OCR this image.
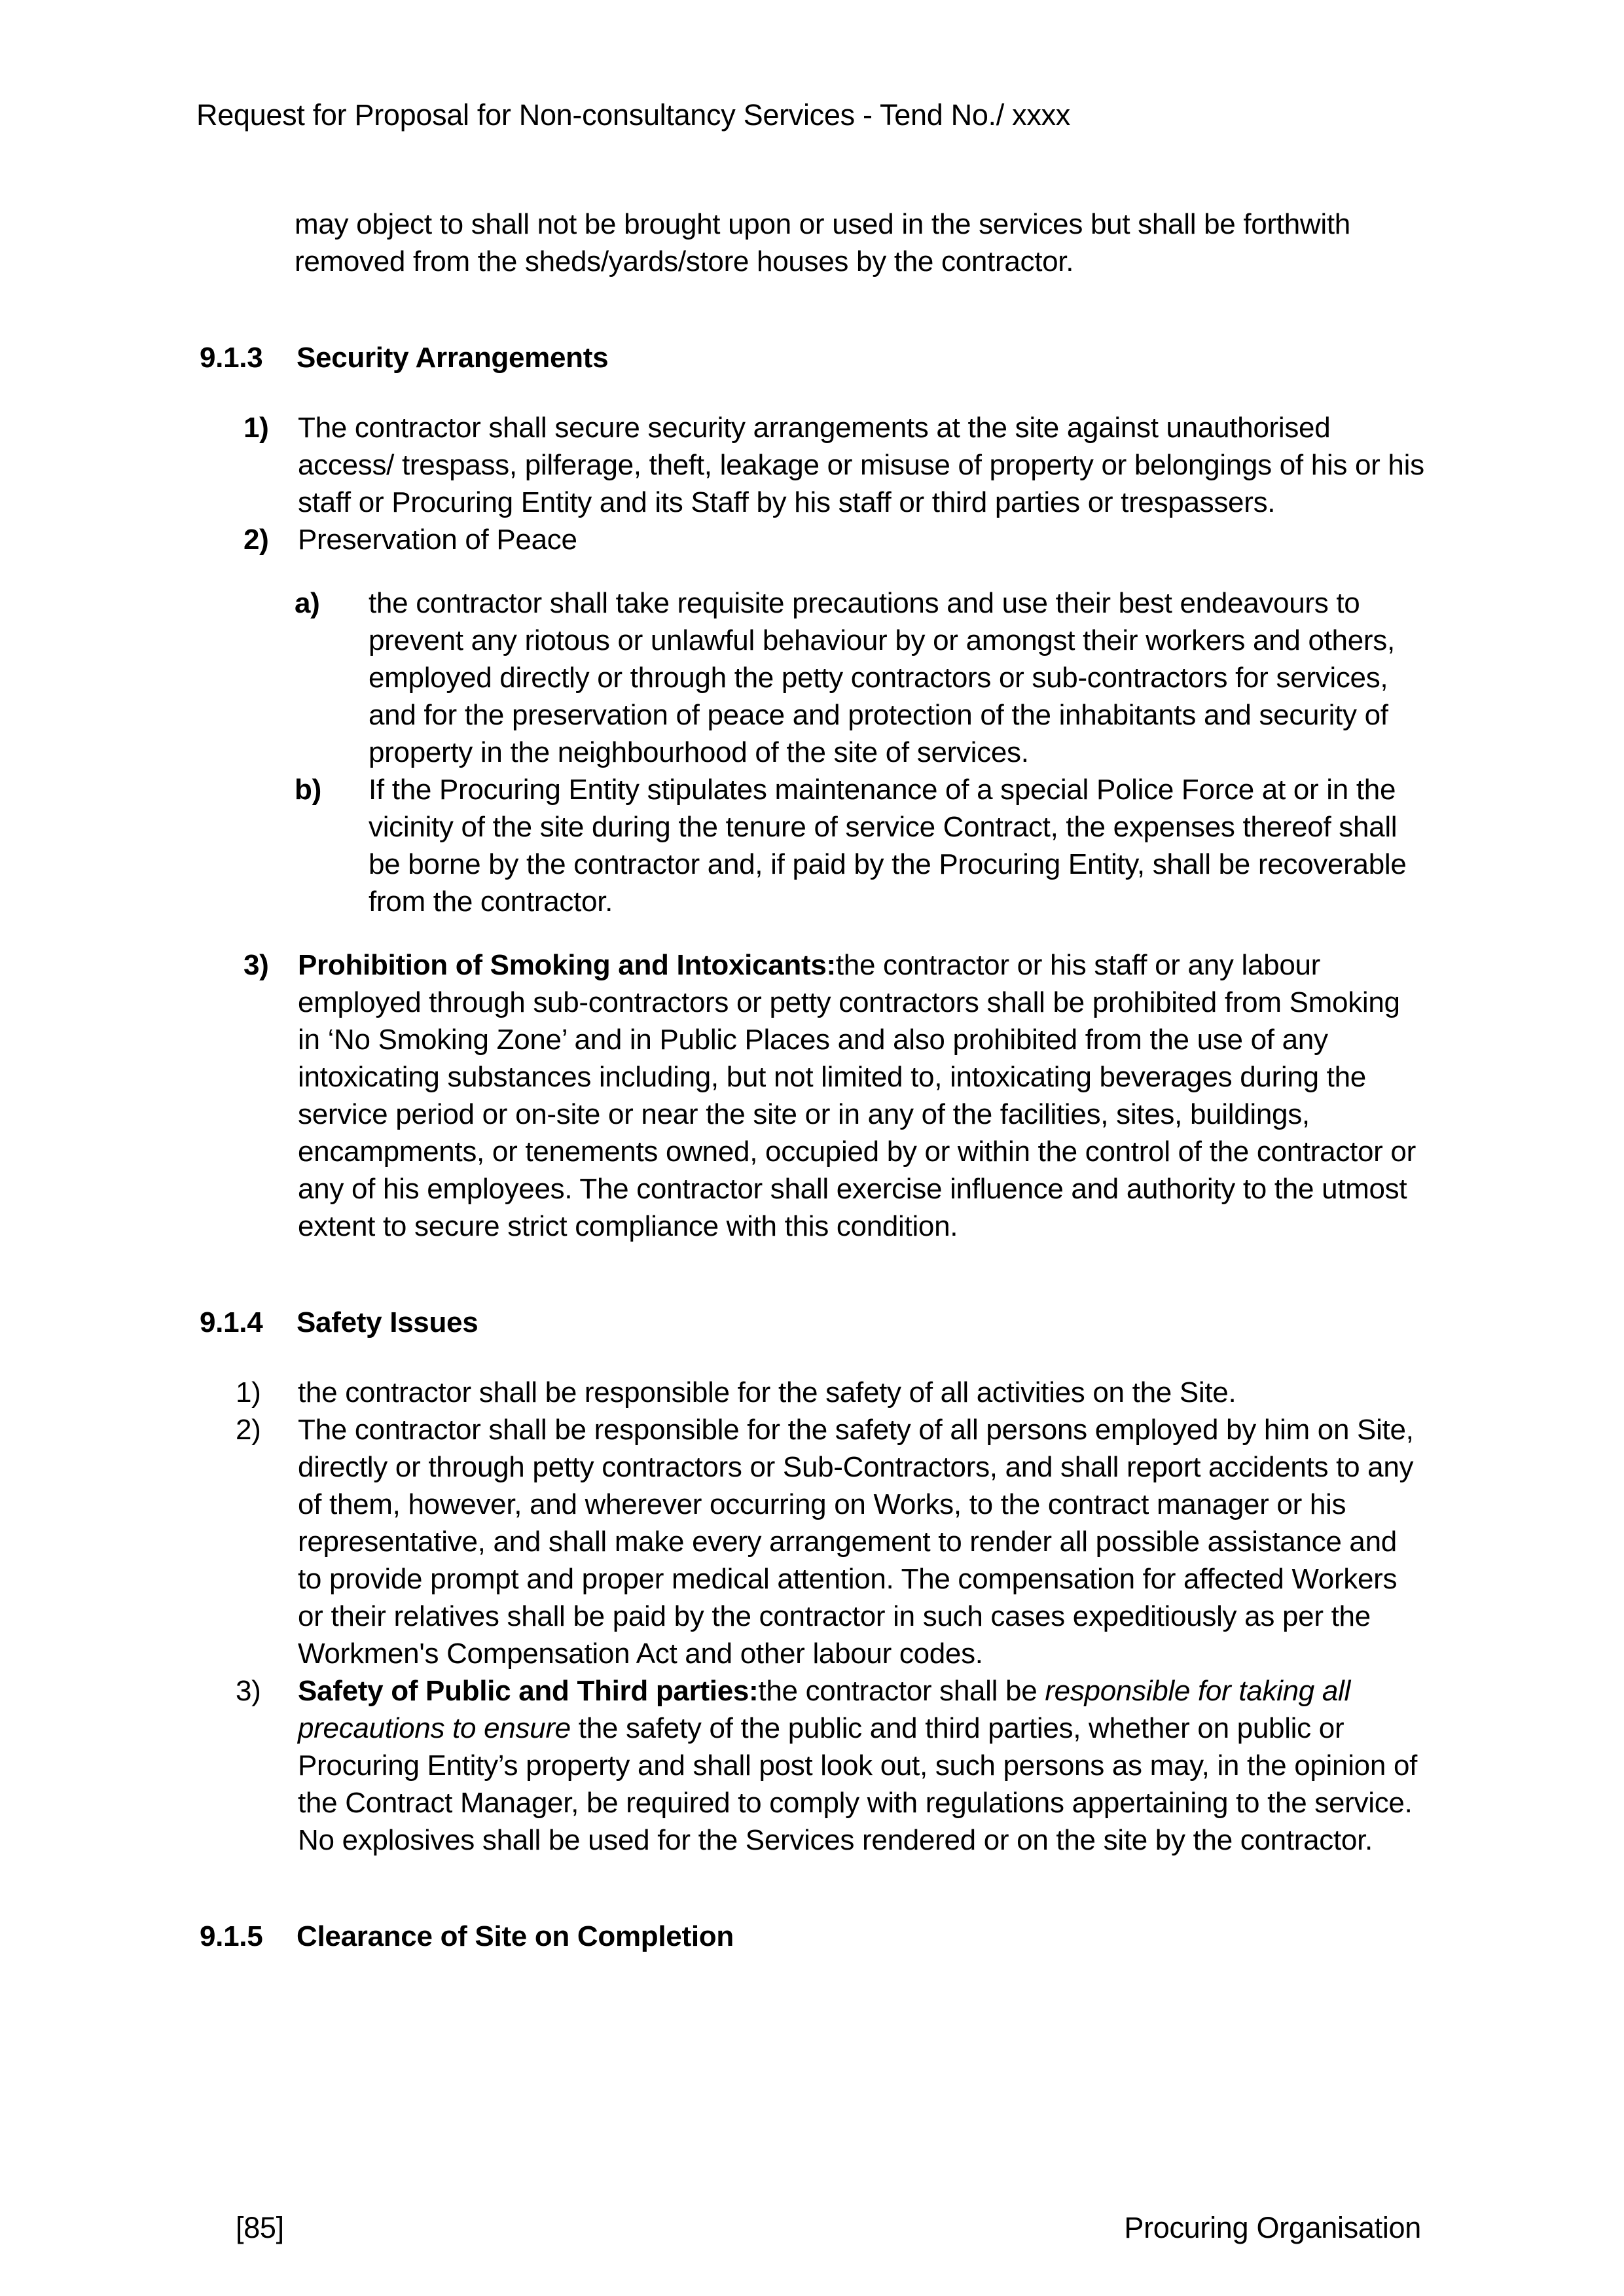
Request for Proposal for Non-consultancy Services - Tend No./ xxxx

may object to shall not be brought upon or used in the services but shall be forthwith removed from the sheds/yards/store houses by the contractor.

9.1.3	Security Arrangements
1)	The contractor shall secure security arrangements at the site against unauthorised access/ trespass, pilferage, theft, leakage or misuse of property or belongings of his or his staff or Procuring Entity and its Staff by his staff or third parties or trespassers.
2)	Preservation of Peace
a)	the contractor shall take requisite precautions and use their best endeavours to prevent any riotous or unlawful behaviour by or amongst their workers and others, employed directly or through the petty contractors or sub-contractors for services, and for the preservation of peace and protection of the inhabitants and security of property in the neighbourhood of the site of services.
b)	If the Procuring Entity stipulates maintenance of a special Police Force at or in the vicinity of the site during the tenure of service Contract, the expenses thereof shall be borne by the contractor and, if paid by the Procuring Entity, shall be recoverable from the contractor.
3)	Prohibition of Smoking and Intoxicants:the contractor or his staff or any labour employed through sub-contractors or petty contractors shall be prohibited from Smoking in ‘No Smoking Zone’ and in Public Places and also prohibited from the use of any intoxicating substances including, but not limited to, intoxicating beverages during the service period or on-site or near the site or in any of the facilities, sites, buildings, encampments, or tenements owned, occupied by or within the control of the contractor or any of his employees. The contractor shall exercise influence and authority to the utmost extent to secure strict compliance with this condition.
9.1.4	Safety Issues
1)	the contractor shall be responsible for the safety of all activities on the Site.
2)	The contractor shall be responsible for the safety of all persons employed by him on Site, directly or through petty contractors or Sub-Contractors, and shall report accidents to any of them, however, and wherever occurring on Works, to the contract manager or his representative, and shall make every arrangement to render all possible assistance and to provide prompt and proper medical attention. The compensation for affected Workers or their relatives shall be paid by the contractor in such cases expeditiously as per the Workmen's Compensation Act and other labour codes.
3)	Safety of Public and Third parties:the contractor shall be responsible for taking all precautions to ensure the safety of the public and third parties, whether on public or Procuring Entity’s property and shall post look out, such persons as may, in the opinion of the Contract Manager, be required to comply with regulations appertaining to the service. No explosives shall be used for the Services rendered or on the site by the contractor.
9.1.5	Clearance of Site on Completion
[85]	Procuring Organisation
